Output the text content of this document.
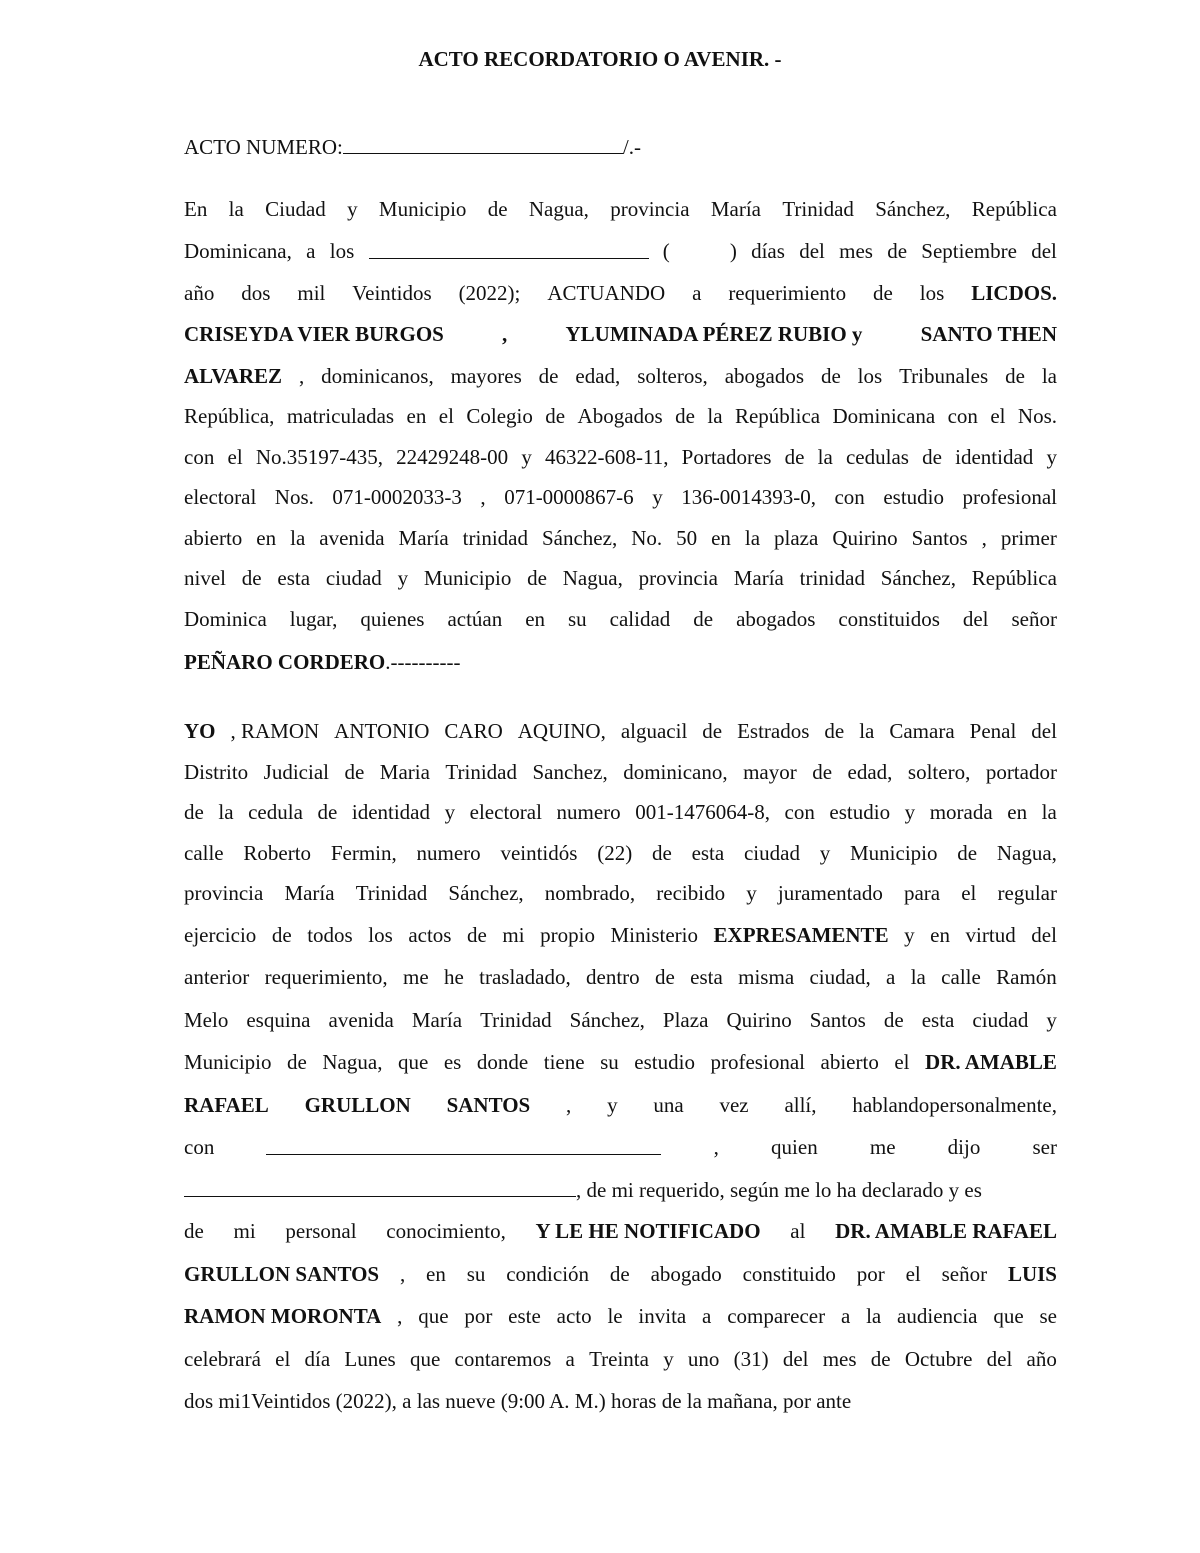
ACTO RECORDATORIO O AVENIR. -
ACTO NUMERO:	/.-
En la Ciudad y Municipio de Nagua, provincia María Trinidad Sánchez, República
Dominicana, a los	(
	) días del mes de Septiembre del
año dos mil Veintidos (2022); ACTUANDO a requerimiento de los LICDOS.
CRISEYDA VIER BURGOS	,	YLUMINADA PÉREZ RUBIO y	SANTO THEN
ALVAREZ , dominicanos, mayores de edad, solteros, abogados de los Tribunales de la
República, matriculadas en el Colegio de Abogados de la República Dominicana con el Nos.
con el No.35197-435, 22429248-00 y 46322-608-11, Portadores de la cedulas de identidad y
electoral Nos. 071-0002033-3 , 071-0000867-6 y 136-0014393-0, con estudio profesional
abierto en la avenida María trinidad Sánchez, No. 50 en la plaza Quirino Santos , primer
nivel de esta ciudad y Municipio de Nagua, provincia María trinidad Sánchez, República
Dominica lugar, quienes actúan en su calidad de abogados constituidos del señor
PEÑARO CORDERO.----------
YO , RAMON ANTONIO CARO AQUINO, alguacil de Estrados de la Camara Penal del
Distrito Judicial de Maria Trinidad Sanchez, dominicano, mayor de edad, soltero, portador
de la cedula de identidad y electoral numero 001-1476064-8, con estudio y morada en la
calle Roberto Fermin, numero veintidós (22) de esta ciudad y Municipio de Nagua,
provincia María Trinidad Sánchez, nombrado, recibido y juramentado para el regular
ejercicio de todos los actos de mi propio Ministerio EXPRESAMENTE y en virtud del
anterior requerimiento, me he trasladado, dentro de esta misma ciudad, a la calle Ramón
Melo esquina avenida María Trinidad Sánchez, Plaza Quirino Santos de esta ciudad y
Municipio de Nagua, que es donde tiene su estudio profesional abierto el DR. AMABLE
RAFAEL GRULLON SANTOS , y una vez allí, hablandopersonalmente,
con	, quien me dijo ser
, de mi requerido, según me lo ha declarado y es
de mi personal conocimiento, Y LE HE NOTIFICADO al DR. AMABLE RAFAEL
GRULLON SANTOS , en su condición de abogado constituido por el señor LUIS
RAMON MORONTA , que por este acto le invita a comparecer a la audiencia que se
celebrará el día Lunes que contaremos a Treinta y uno (31) del mes de Octubre del año
dos mi1Veintidos (2022), a las nueve (9:00 A. M.) horas de la mañana, por ante
